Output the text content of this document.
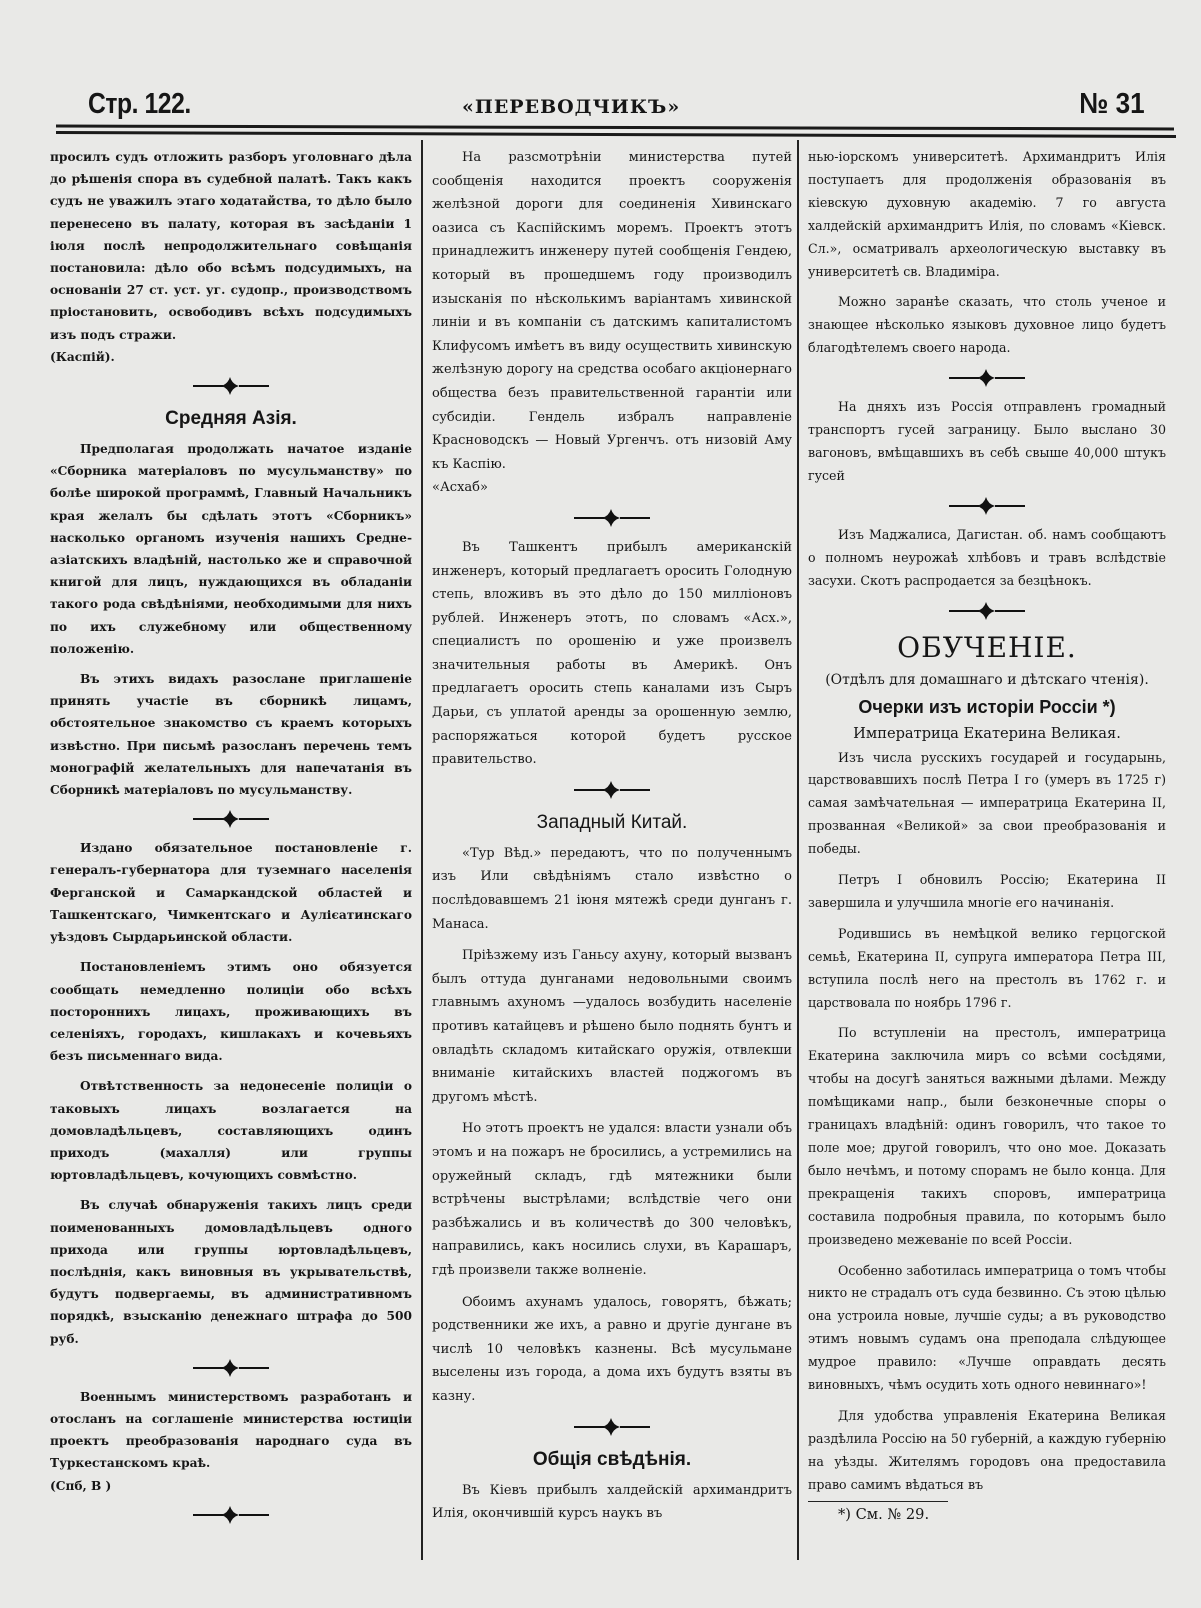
Стр. 122.	«ПЕРЕВОДЧИКЪ»	№ 31

просилъ судъ отложить разборъ уголовнаго дѣла до рѣшенія спора въ судебной палатѣ. Такъ какъ судъ не уважилъ этаго ходатайства, то дѣло было перенесено въ палату, которая въ засѣданіи 1 іюля послѣ непродолжительнаго совѣщанія постановила: дѣло обо всѣмъ подсудимыхъ, на основаніи 27 ст. уст. уг. судопр., производствомъ пріостановить, освободивъ всѣхъ подсудимыхъ изъ подъ стражи.

(Каспій).

Средняя Азія.

Предполагая продолжать начатое изданіе «Сборника матеріаловъ по мусульманству» по болѣе широкой программѣ, Главный Начальникъ края желалъ бы сдѣлать этотъ «Сборникъ» насколько органомъ изученія нашихъ Средне-азіатскихъ владѣній, настолько же и справочной книгой для лицъ, нуждающихся въ обладаніи такого рода свѣдѣніями, необходимыми для нихъ по ихъ служебному или общественному положенію.

Въ этихъ видахъ разослане приглашеніе принять участіе въ сборникѣ лицамъ, обстоятельное знакомство съ краемъ которыхъ извѣстно. При письмѣ разосланъ перечень темъ монографій желательныхъ для напечатанія въ Сборникѣ матеріаловъ по мусульманству.

Издано обязательное постановленіе г. генералъ-губернатора для туземнаго населенія Ферганской и Самаркандской областей и Ташкентскаго, Чимкентскаго и Аулієатинскаго уѣздовъ Сырдарьинской области.

Постановленіемъ этимъ оно обязуется сообщать немедленно полиціи обо всѣхъ постороннихъ лицахъ, проживающихъ въ селеніяхъ, городахъ, кишлакахъ и кочевьяхъ безъ письменнаго вида.

Отвѣтственность за недонесеніе полиціи о таковыхъ лицахъ возлагается на домовладѣльцевъ, составляющихъ одинъ приходъ (махалля) или группы юртовладѣльцевъ, кочующихъ совмѣстно.

Въ случаѣ обнаруженія такихъ лицъ среди поименованныхъ домовладѣльцевъ одного прихода или группы юртовладѣльцевъ, послѣднія, какъ виновныя въ укрывательствѣ, будутъ подвергаемы, въ административномъ порядкѣ, взысканію денежнаго штрафа до 500 руб.

Военнымъ министерствомъ разработанъ и отосланъ на соглашеніе министерства юстиціи проектъ преобразованія народнаго суда въ Туркестанскомъ краѣ.

(Спб, В )

На разсмотрѣніи министерства путей сообщенія находится проектъ сооруженія желѣзной дороги для соединенія Хивинскаго оазиса съ Каспійскимъ моремъ. Проектъ этотъ принадлежитъ инженеру путей сообщенія Гендею, который въ прошедшемъ году производилъ изысканія по нѣсколькимъ варіантамъ хивинской линіи и въ компаніи съ датскимъ капиталистомъ Клифусомъ имѣетъ въ виду осуществить хивинскую желѣзную дорогу на средства особаго акціонернаго общества безъ правительственной гарантіи или субсидіи. Гендель избралъ направленіе Красноводскъ — Новый Ургенчъ. отъ низовій Аму къ Каспію.

«Асхаб»

Въ Ташкентъ прибылъ американскій инженеръ, который предлагаетъ оросить Голодную степь, вложивъ въ это дѣло до 150 милліоновъ рублей. Инженеръ этотъ, по словамъ «Асх.», специалистъ по орошенію и уже произвелъ значительныя работы въ Америкѣ. Онъ предлагаетъ оросить степь каналами изъ Сыръ Дарьи, съ уплатой аренды за орошенную землю, распоряжаться которой будетъ русское правительство.

Западный Китай.

«Тур Вѣд.» передаютъ, что по полученнымъ изъ Или свѣдѣніямъ стало извѣстно о послѣдовавшемъ 21 іюня мятежѣ среди дунганъ г. Манаса.

Пріѣзжему изъ Ганьсу ахуну, который вызванъ былъ оттуда дунганами недовольными своимъ главнымъ ахуномъ —удалось возбудить населеніе противъ катайцевъ и рѣшено было поднять бунтъ и овладѣть складомъ китайскаго оружія, отвлекши вниманіе китайскихъ властей поджогомъ въ другомъ мѣстѣ.

Но этотъ проектъ не удался: власти узнали объ этомъ и на пожаръ не бросились, а устремились на оружейный складъ, гдѣ мятежники были встрѣчены выстрѣлами; вслѣдствіе чего они разбѣжались и въ количествѣ до 300 человѣкъ, направились, какъ носились слухи, въ Карашаръ, гдѣ произвели также волненіе.

Обоимъ ахунамъ удалось, говорятъ, бѣжать; родственники же ихъ, а равно и другіе дунгане въ числѣ 10 человѣкъ казнены. Всѣ мусульмане выселены изъ города, а дома ихъ будутъ взяты въ казну.

Общія свѣдѣнія.

Въ Кіевъ прибылъ халдейскій архимандритъ Илія, окончившій курсъ наукъ въ

нью-іорскомъ университетѣ. Архимандритъ Илія поступаетъ для продолженія образованія въ кіевскую духовную академію. 7 го августа халдейскій архимандритъ Илія, по словамъ «Кіевск. Сл.», осматривалъ археологическую выставку въ университетѣ св. Владиміра.

Можно заранѣе сказать, что столь ученое и знающее нѣсколько языковъ духовное лицо будетъ благодѣтелемъ своего народа.

На дняхъ изъ Россія отправленъ громадный транспортъ гусей заграницу. Было выслано 30 вагоновъ, вмѣщавшихъ въ себѣ свыше 40,000 штукъ гусей

Изъ Маджалиса, Дагистан. об. намъ сообщаютъ о полномъ неурожаѣ хлѣбовъ и травъ вслѣдствіе засухи. Скотъ распродается за безцѣнокъ.

ОБУЧЕНІЕ.
(Отдѣлъ для домашнаго и дѣтскаго чтенія).
Очерки изъ исторіи Россіи *)
Императрица Екатерина Великая.

Изъ числа русскихъ государей и государынь, царствовавшихъ послѣ Петра I го (умеръ въ 1725 г) самая замѣчательная — императрица Екатерина II, прозванная «Великой» за свои преобразованія и победы.

Петръ I обновилъ Россію; Екатерина II завершила и улучшила многіе его начинанія.

Родившись въ немѣцкой велико герцогской семьѣ, Екатерина II, супруга императора Петра III, вступила послѣ него на престолъ въ 1762 г. и царствовала по ноябрь 1796 г.

По вступленіи на престолъ, императрица Екатерина заключила миръ со всѣми сосѣдями, чтобы на досугѣ заняться важными дѣлами. Между помѣщиками напр., были безконечные споры о границахъ владѣній: одинъ говорилъ, что такое то поле мое; другой говорилъ, что оно мое. Доказать было нечѣмъ, и потому спорамъ не было конца. Для прекращенія такихъ споровъ, императрица составила подробныя правила, по которымъ было произведено межеваніе по всей Россіи.

Особенно заботилась императрица о томъ чтобы никто не страдалъ отъ суда безвинно. Съ этою цѣлью она устроила новые, лучшіе суды; а въ руководство этимъ новымъ судамъ она преподала слѣдующее мудрое правило: «Лучше оправдать десять виновныхъ, чѣмъ осудить хоть одного невиннаго»!

Для удобства управленія Екатерина Великая раздѣлила Россію на 50 губерній, а каждую губернію на уѣзды. Жителямъ городовъ она предоставила право самимъ вѣдаться въ

*) См. № 29.
